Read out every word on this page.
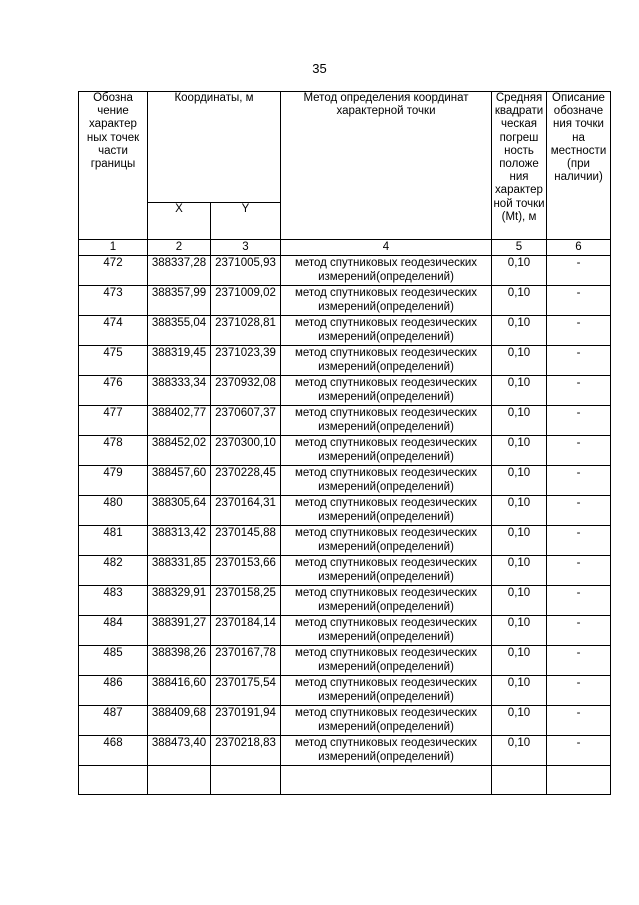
35
Обозна чение характер ных точек части границы	Координаты, м		Метод определения координат характерной точки	Средняя квадрати ческая погреш ность положе ния характер ной точки (Mt), м	Описание обозначе ния точки на местности (при наличии)
	X	Y			
1	2	3	4	5	6
472	388337,28	2371005,93	метод спутниковых геодезических измерений(определений)	0,10	-
473	388357,99	2371009,02	метод спутниковых геодезических измерений(определений)	0,10	-
474	388355,04	2371028,81	метод спутниковых геодезических измерений(определений)	0,10	-
475	388319,45	2371023,39	метод спутниковых геодезических измерений(определений)	0,10	-
476	388333,34	2370932,08	метод спутниковых геодезических измерений(определений)	0,10	-
477	388402,77	2370607,37	метод спутниковых геодезических измерений(определений)	0,10	-
478	388452,02	2370300,10	метод спутниковых геодезических измерений(определений)	0,10	-
479	388457,60	2370228,45	метод спутниковых геодезических измерений(определений)	0,10	-
480	388305,64	2370164,31	метод спутниковых геодезических измерений(определений)	0,10	-
481	388313,42	2370145,88	метод спутниковых геодезических измерений(определений)	0,10	-
482	388331,85	2370153,66	метод спутниковых геодезических измерений(определений)	0,10	-
483	388329,91	2370158,25	метод спутниковых геодезических измерений(определений)	0,10	-
484	388391,27	2370184,14	метод спутниковых геодезических измерений(определений)	0,10	-
485	388398,26	2370167,78	метод спутниковых геодезических измерений(определений)	0,10	-
486	388416,60	2370175,54	метод спутниковых геодезических измерений(определений)	0,10	-
487	388409,68	2370191,94	метод спутниковых геодезических измерений(определений)	0,10	-
468	388473,40	2370218,83	метод спутниковых геодезических измерений(определений)	0,10	-
